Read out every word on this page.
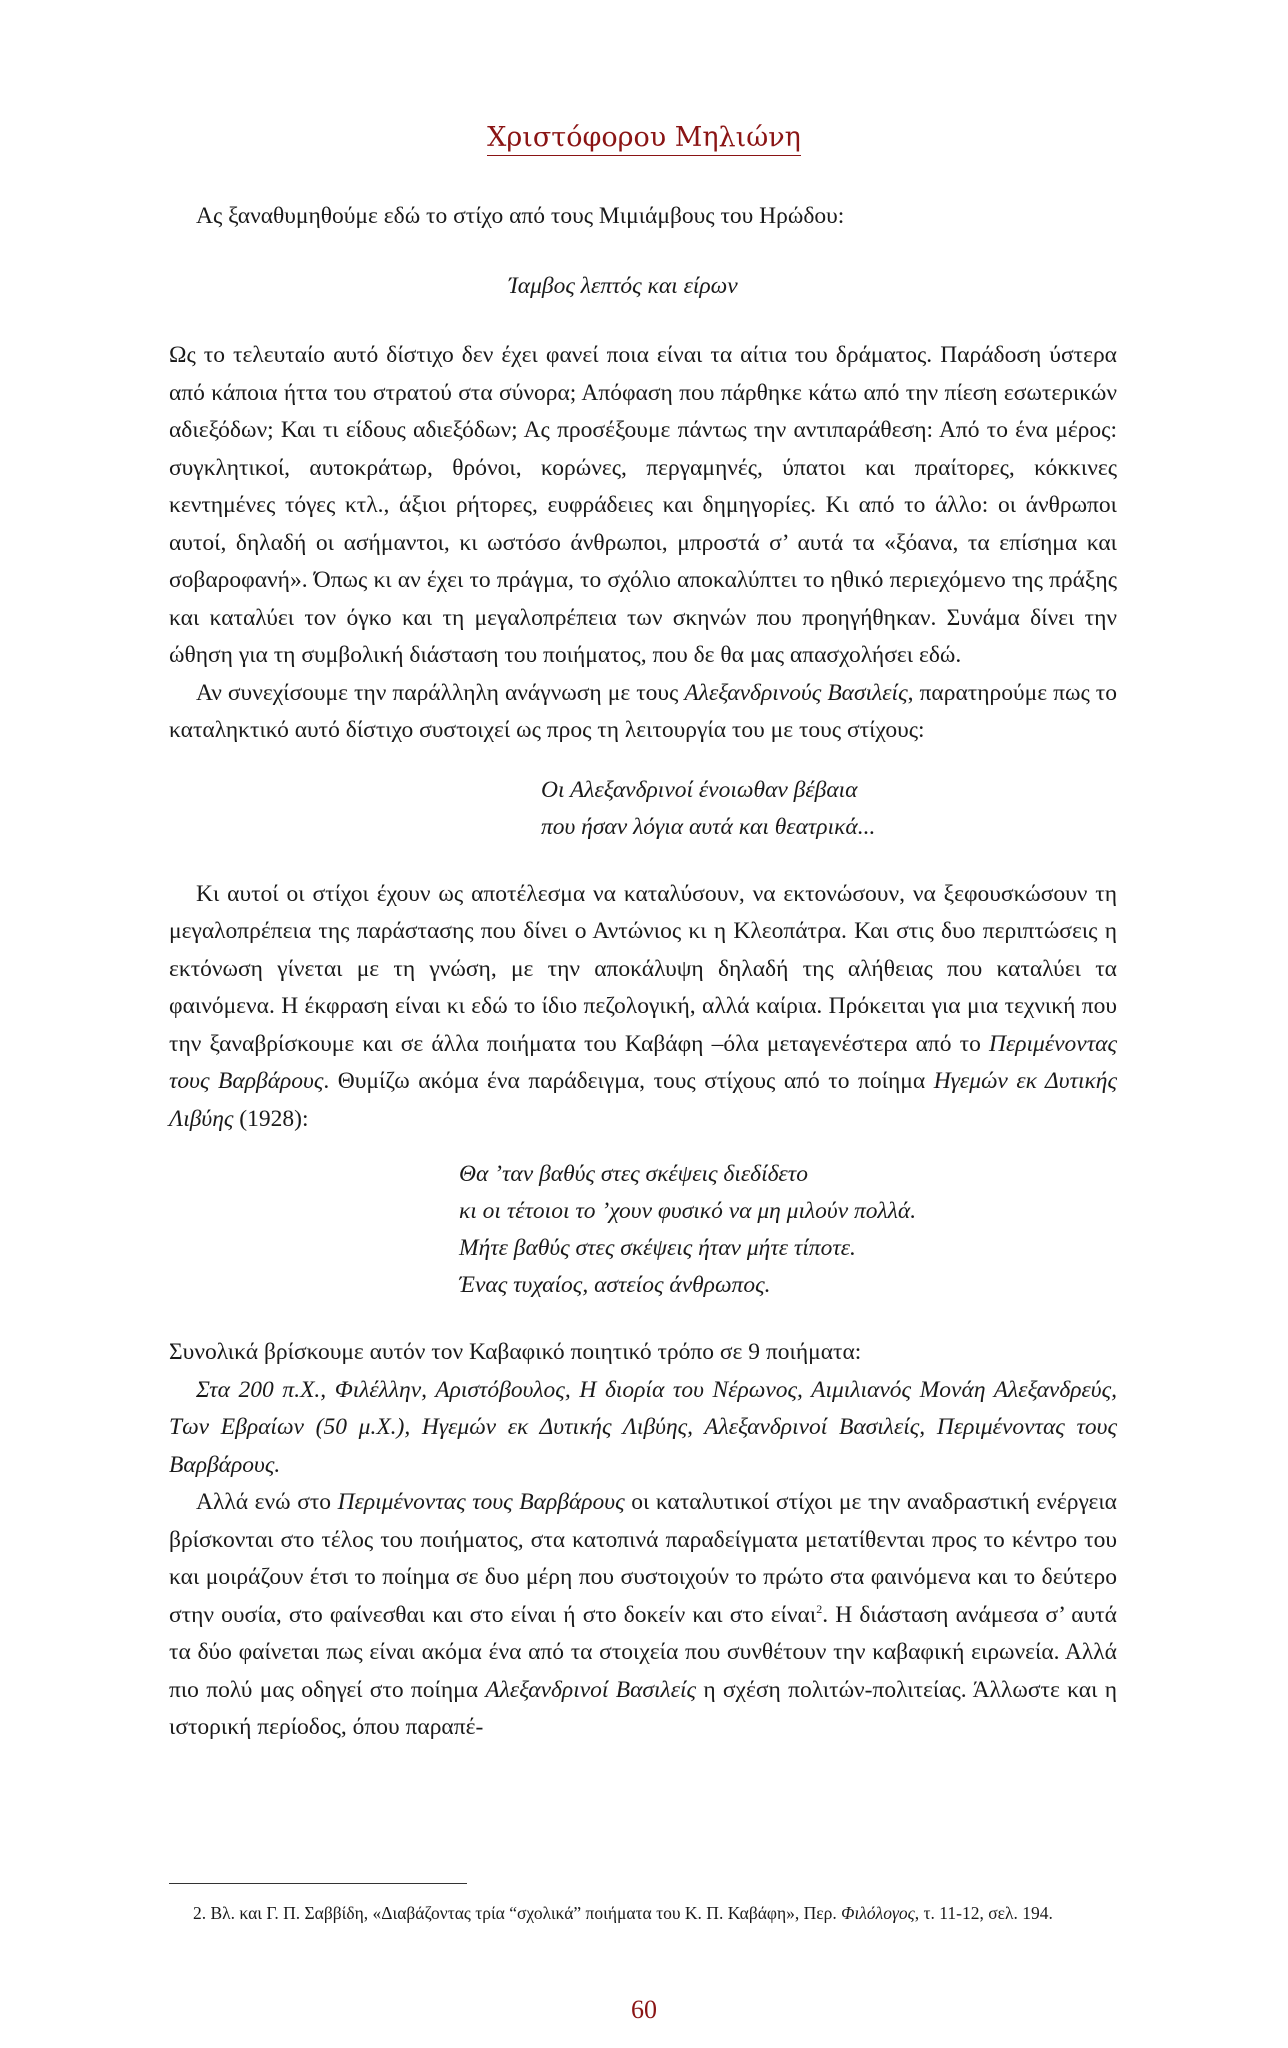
Χριστόφορου Μηλιώνη

Ας ξαναθυμηθούμε εδώ το στίχο από τους Μιμιάμβους του Ηρώδου:

Ίαμβος λεπτός και είρων

Ως το τελευταίο αυτό δίστιχο δεν έχει φανεί ποια είναι τα αίτια του δράματος. Παράδοση ύστερα από κάποια ήττα του στρατού στα σύνορα; Απόφαση που πάρθηκε κάτω από την πίεση εσωτερικών αδιεξόδων; Και τι είδους αδιεξόδων; Ας προσέξουμε πάντως την αντιπαράθεση: Από το ένα μέρος: συγκλητικοί, αυτοκράτωρ, θρόνοι, κορώνες, περγαμηνές, ύπατοι και πραίτορες, κόκκινες κεντημένες τόγες κτλ., άξιοι ρήτορες, ευφράδειες και δημηγορίες. Κι από το άλλο: οι άνθρωποι αυτοί, δηλαδή οι ασήμαντοι, κι ωστόσο άνθρωποι, μπροστά σ’ αυτά τα «ξόανα, τα επίσημα και σοβαροφανή». Όπως κι αν έχει το πράγμα, το σχόλιο αποκαλύπτει το ηθικό περιεχόμενο της πράξης και καταλύει τον όγκο και τη μεγαλοπρέπεια των σκηνών που προηγήθηκαν. Συνάμα δίνει την ώθηση για τη συμβολική διάσταση του ποιήματος, που δε θα μας απασχολήσει εδώ.

Αν συνεχίσουμε την παράλληλη ανάγνωση με τους Αλεξανδρινούς Βασιλείς, παρατηρούμε πως το καταληκτικό αυτό δίστιχο συστοιχεί ως προς τη λειτουργία του με τους στίχους:

Οι Αλεξανδρινοί ένοιωθαν βέβαια
που ήσαν λόγια αυτά και θεατρικά...

Κι αυτοί οι στίχοι έχουν ως αποτέλεσμα να καταλύσουν, να εκτονώσουν, να ξεφουσκώσουν τη μεγαλοπρέπεια της παράστασης που δίνει ο Αντώνιος κι η Κλεοπάτρα. Και στις δυο περιπτώσεις η εκτόνωση γίνεται με τη γνώση, με την αποκάλυψη δηλαδή της αλήθειας που καταλύει τα φαινόμενα. Η έκφραση είναι κι εδώ το ίδιο πεζολογική, αλλά καίρια. Πρόκειται για μια τεχνική που την ξαναβρίσκουμε και σε άλλα ποιήματα του Καβάφη –όλα μεταγενέστερα από το Περιμένοντας τους Βαρβάρους. Θυμίζω ακόμα ένα παράδειγμα, τους στίχους από το ποίημα Ηγεμών εκ Δυτικής Λιβύης (1928):

Θα ’ταν βαθύς στες σκέψεις διεδίδετο
κι οι τέτοιοι το ’χουν φυσικό να μη μιλούν πολλά.
Μήτε βαθύς στες σκέψεις ήταν μήτε τίποτε.
Ένας τυχαίος, αστείος άνθρωπος.

Συνολικά βρίσκουμε αυτόν τον Καβαφικό ποιητικό τρόπο σε 9 ποιήματα:

Στα 200 π.Χ., Φιλέλλην, Αριστόβουλος, Η διορία του Νέρωνος, Αιμιλιανός Μονάη Αλεξανδρεύς, Των Εβραίων (50 μ.Χ.), Ηγεμών εκ Δυτικής Λιβύης, Αλεξανδρινοί Βασιλείς, Περιμένοντας τους Βαρβάρους.

Αλλά ενώ στο Περιμένοντας τους Βαρβάρους οι καταλυτικοί στίχοι με την αναδραστική ενέργεια βρίσκονται στο τέλος του ποιήματος, στα κατοπινά παραδείγματα μετατίθενται προς το κέντρο του και μοιράζουν έτσι το ποίημα σε δυο μέρη που συστοιχούν το πρώτο στα φαινόμενα και το δεύτερο στην ουσία, στο φαίνεσθαι και στο είναι ή στο δοκείν και στο είναι$^2$. Η διάσταση ανάμεσα σ’ αυτά τα δύο φαίνεται πως είναι ακόμα ένα από τα στοιχεία που συνθέτουν την καβαφική ειρωνεία. Αλλά πιο πολύ μας οδηγεί στο ποίημα Αλεξανδρινοί Βασιλείς η σχέση πολιτών-πολιτείας. Άλλωστε και η ιστορική περίοδος, όπου παραπέ-

2. Βλ. και Γ. Π. Σαββίδη, «Διαβάζοντας τρία “σχολικά” ποιήματα του Κ. Π. Καβάφη», Περ. Φιλόλογος, τ. 11-12, σελ. 194.
60
